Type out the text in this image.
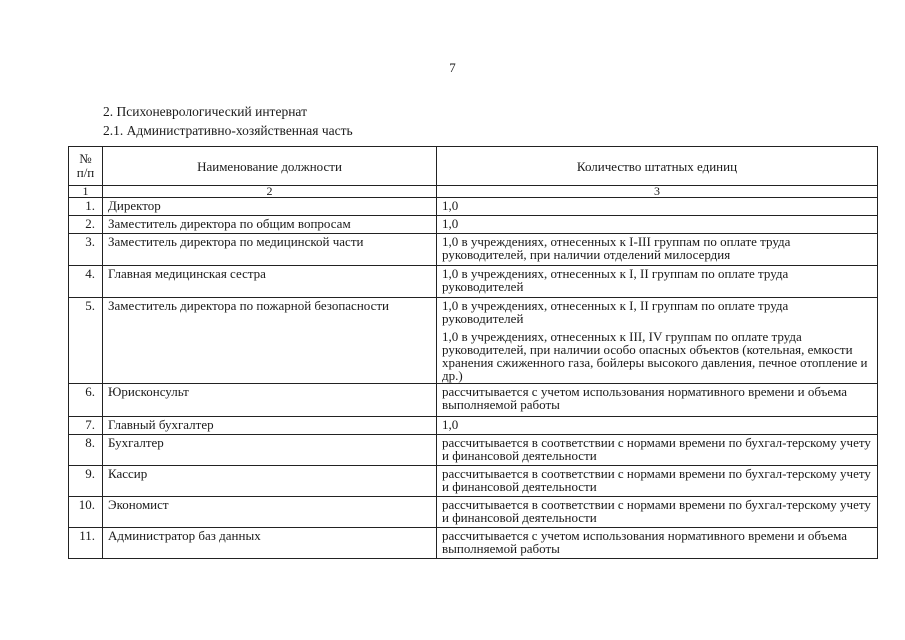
7
2. Психоневрологический интернат
2.1. Административно-хозяйственная часть
№
п/п	Наименование должности	Количество штатных единиц
1	2	3
1.	Директор	1,0

2.	Заместитель директора по общим вопросам	1,0

3.	Заместитель директора по медицинской части	1,0 в учреждениях, отнесенных к I-III группам по оплате труда руководителей, при наличии отделений милосердия

4.	Главная медицинская сестра	1,0 в учреждениях, отнесенных к I, II группам по оплате труда руководителей

5.	Заместитель директора по пожарной безопасности	1,0 в учреждениях, отнесенных к I, II группам по оплате труда руководителей

1,0 в учреждениях, отнесенных к III, IV группам по оплате труда руководителей, при наличии особо опасных объектов (котельная, емкости хранения сжиженного газа, бойлеры высокого давления, печное отопление и др.)

6.	Юрисконсульт	рассчитывается с учетом использования нормативного времени и объема выполняемой работы

7.	Главный бухгалтер	1,0

8.	Бухгалтер	рассчитывается в соответствии с нормами времени по бухгал-терскому учету и финансовой деятельности

9.	Кассир	рассчитывается в соответствии с нормами времени по бухгал-терскому учету и финансовой деятельности

10.	Экономист	рассчитывается в соответствии с нормами времени по бухгал-терскому учету и финансовой деятельности

11.	Администратор баз данных	рассчитывается с учетом использования нормативного времени и объема выполняемой работы
